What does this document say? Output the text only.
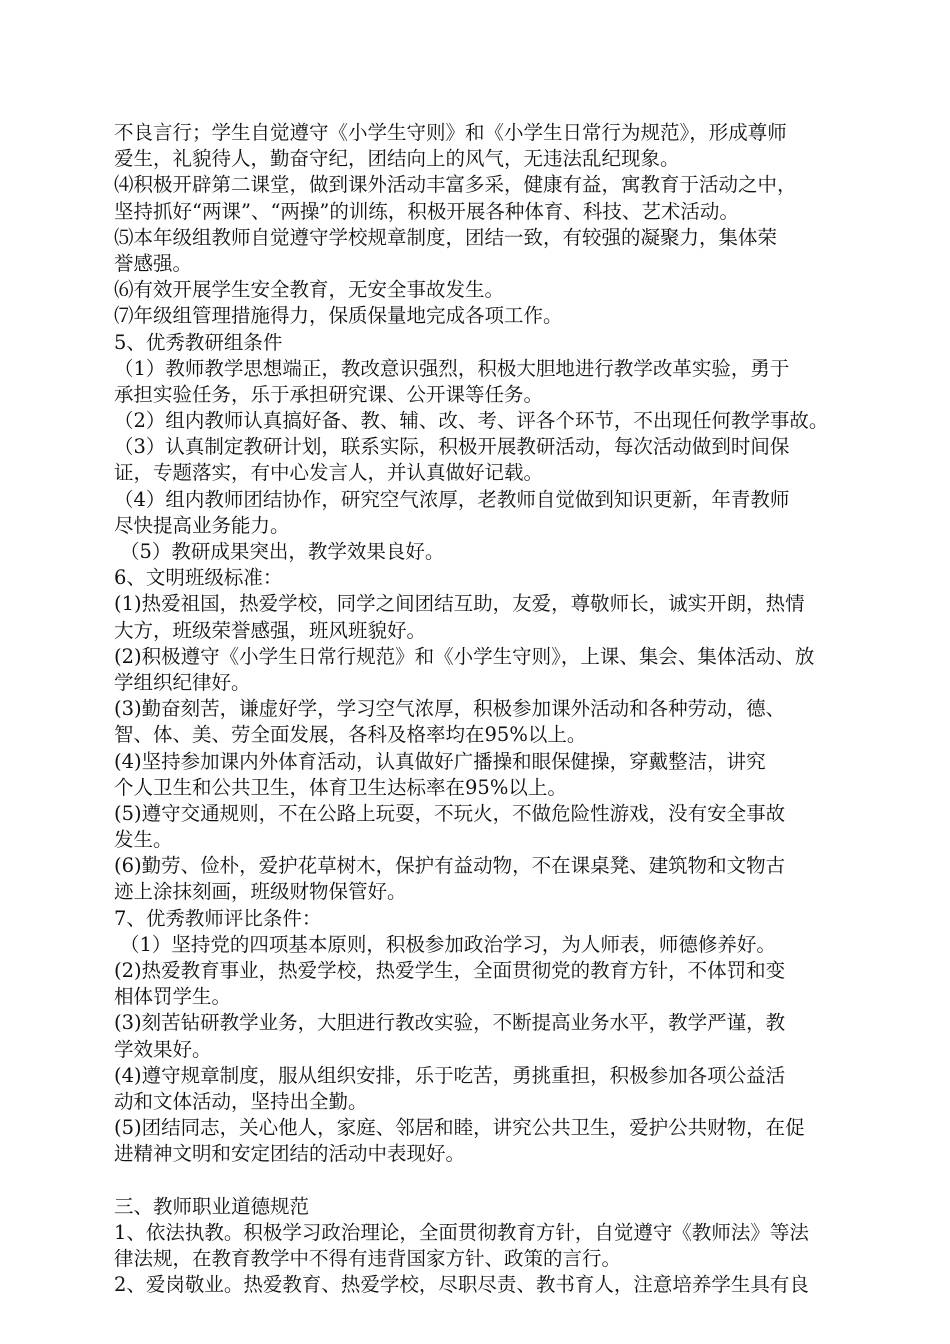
不良言行；学生自觉遵守《小学生守则》和《小学生日常行为规范》，形成尊师
爱生，礼貌待人，勤奋守纪，团结向上的风气，无违法乱纪现象。
⑷积极开辟第二课堂，做到课外活动丰富多采，健康有益，寓教育于活动之中，
坚持抓好“两课”、“两操”的训练，积极开展各种体育、科技、艺术活动。
⑸本年级组教师自觉遵守学校规章制度，团结一致，有较强的凝聚力，集体荣
誉感强。
⑹有效开展学生安全教育，无安全事故发生。
⑺年级组管理措施得力，保质保量地完成各项工作。
5、优秀教研组条件
（1）教师教学思想端正，教改意识强烈，积极大胆地进行教学改革实验，勇于
承担实验任务，乐于承担研究课、公开课等任务。
（2）组内教师认真搞好备、教、辅、改、考、评各个环节，不出现任何教学事故。
（3）认真制定教研计划，联系实际，积极开展教研活动，每次活动做到时间保
证，专题落实，有中心发言人，并认真做好记载。
（4）组内教师团结协作，研究空气浓厚，老教师自觉做到知识更新，年青教师
尽快提高业务能力。
（5）教研成果突出，教学效果良好。
6、文明班级标准：
(1)热爱祖国，热爱学校，同学之间团结互助，友爱，尊敬师长，诚实开朗，热情
大方，班级荣誉感强，班风班貌好。
(2)积极遵守《小学生日常行规范》和《小学生守则》，上课、集会、集体活动、放
学组织纪律好。
(3)勤奋刻苦，谦虚好学，学习空气浓厚，积极参加课外活动和各种劳动，德、
智、体、美、劳全面发展，各科及格率均在95%以上。
(4)坚持参加课内外体育活动，认真做好广播操和眼保健操，穿戴整洁，讲究
个人卫生和公共卫生，体育卫生达标率在95%以上。
(5)遵守交通规则，不在公路上玩耍，不玩火，不做危险性游戏，没有安全事故
发生。
(6)勤劳、俭朴，爱护花草树木，保护有益动物，不在课桌凳、建筑物和文物古
迹上涂抹刻画，班级财物保管好。
7、优秀教师评比条件：
（1）坚持党的四项基本原则，积极参加政治学习，为人师表，师德修养好。
(2)热爱教育事业，热爱学校，热爱学生，全面贯彻党的教育方针，不体罚和变
相体罚学生。
(3)刻苦钻研教学业务，大胆进行教改实验，不断提高业务水平，教学严谨，教
学效果好。
(4)遵守规章制度，服从组织安排，乐于吃苦，勇挑重担，积极参加各项公益活
动和文体活动，坚持出全勤。
(5)团结同志，关心他人，家庭、邻居和睦，讲究公共卫生，爱护公共财物，在促
进精神文明和安定团结的活动中表现好。
三、教师职业道德规范
1、依法执教。积极学习政治理论，全面贯彻教育方针，自觉遵守《教师法》等法
律法规，在教育教学中不得有违背国家方针、政策的言行。
2、爱岗敬业。热爱教育、热爱学校，尽职尽责、教书育人，注意培养学生具有良
